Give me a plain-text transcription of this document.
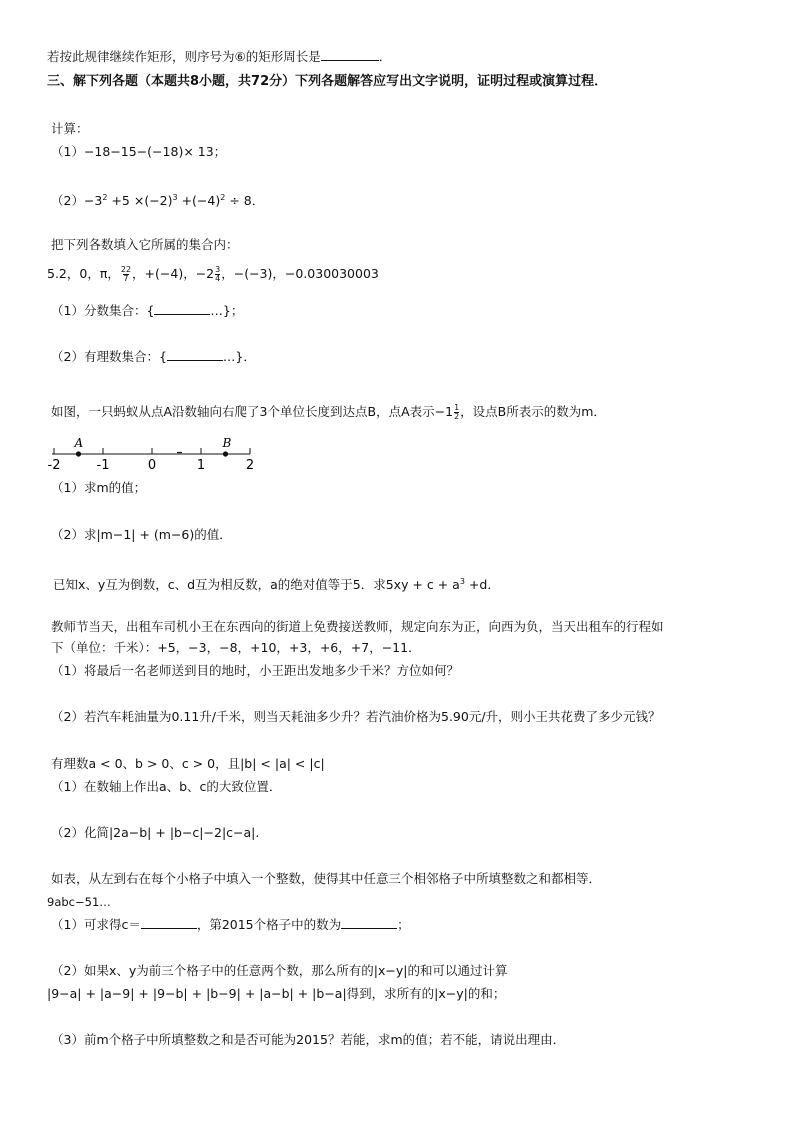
若按此规律继续作矩形，则序号为⑥的矩形周长是	．
三、解下列各题（本题共8小题，共72分）下列各题解答应写出文字说明，证明过程或演算过程．
计算：
（1）−18−15−(−18)× 13；
$(2)-3^2 +5 \times(-2)^3 +(-4)^2 \div 8$．
把下列各数填入它所属的集合内：
5.2，0，π， $\frac{22}{7}$ ，+(−4)，$-2 \frac{3}{4}$ ，−(−3)，−0.030030003
（1）分数集合：{	…}；
（2）有理数集合：{	…}．
如图，一只蚂蚁从点A沿数轴向右爬了3个单位长度到达点B，点A表示$-1 \frac{1}{2}$ ，设点B所表示的数为m．
-2	-1	0	1	2
A	B
（1）求m的值；
（2）求|m−1| + (m−6)的值．
已知x、y互为倒数，c、d互为相反数，a的绝对值等于5．求$5xy + c + a^3 +d$．
教师节当天，出租车司机小王在东西向的街道上免费接送教师，规定向东为正，向西为负，当天出租车的行程如
下（单位：千米）：+5，−3，−8，+10，+3，+6，+7，−11．
（1）将最后一名老师送到目的地时，小王距出发地多少千米？方位如何？
（2）若汽车耗油量为0.11升/千米，则当天耗油多少升？若汽油价格为5.90元/升，则小王共花费了多少元钱？
有理数a < 0、b > 0、c > 0，且|b| < |a| < |c|
（1）在数轴上作出a、b、c的大致位置．
（2）化简|2a−b| + |b−c|−2|c−a|.
如表，从左到右在每个小格子中填入一个整数，使得其中任意三个相邻格子中所填整数之和都相等．
9abc−51…
（1）可求得c＝	，第2015个格子中的数为	；
（2）如果x、y为前三个格子中的任意两个数，那么所有的|x−y|的和可以通过计算
|9−a| + |a−9| + |9−b| + |b−9| + |a−b| + |b−a|得到，求所有的|x−y|的和；
（3）前m个格子中所填整数之和是否可能为2015？若能，求m的值；若不能，请说出理由．
